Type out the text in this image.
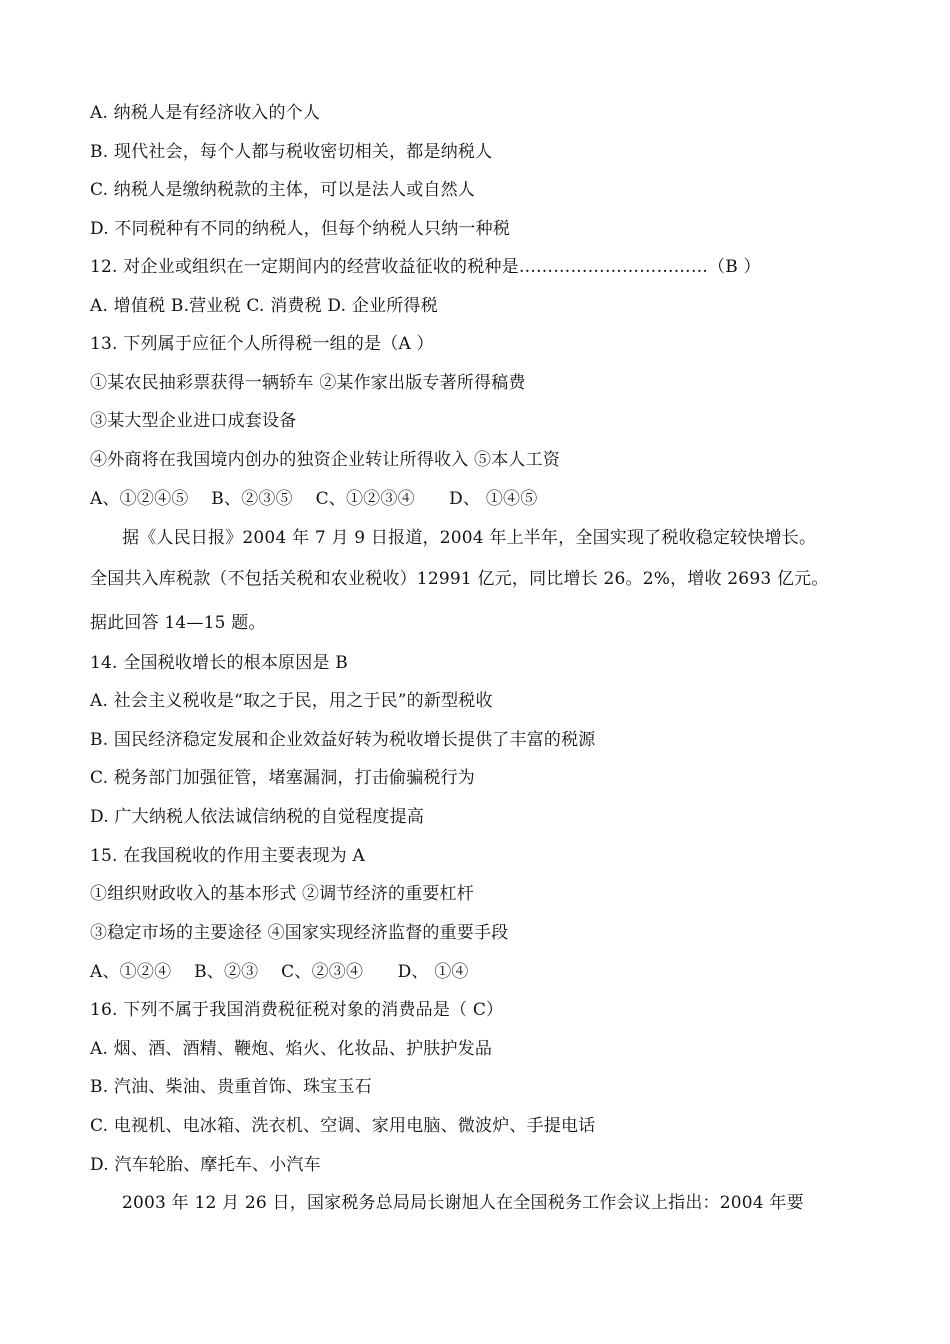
A. 纳税人是有经济收入的个人
B. 现代社会，每个人都与税收密切相关，都是纳税人
C. 纳税人是缴纳税款的主体，可以是法人或自然人
D. 不同税种有不同的纳税人，但每个纳税人只纳一种税
12. 对企业或组织在一定期间内的经营收益征收的税种是……………………………（B ）
A. 增值税 B.营业税 C. 消费税 D. 企业所得税
13. 下列属于应征个人所得税一组的是（A ）
①某农民抽彩票获得一辆轿车 ②某作家出版专著所得稿费
③某大型企业进口成套设备
④外商将在我国境内创办的独资企业转让所得收入 ⑤本人工资
A、①②④⑤　 B、②③⑤　 C、①②③④　　D、 ①④⑤
据《人民日报》2004 年 7 月 9 日报道，2004 年上半年，全国实现了税收稳定较快增长。
全国共入库税款（不包括关税和农业税收）12991 亿元，同比增长 26。2%，增收 2693 亿元。
据此回答 14—15 题。
14. 全国税收增长的根本原因是 B
A. 社会主义税收是“取之于民，用之于民”的新型税收
B. 国民经济稳定发展和企业效益好转为税收增长提供了丰富的税源
C. 税务部门加强征管，堵塞漏洞，打击偷骗税行为
D. 广大纳税人依法诚信纳税的自觉程度提高
15. 在我国税收的作用主要表现为 A
①组织财政收入的基本形式 ②调节经济的重要杠杆
③稳定市场的主要途径 ④国家实现经济监督的重要手段
A、①②④　 B、②③　 C、②③④　　D、 ①④
16. 下列不属于我国消费税征税对象的消费品是（ C）
A. 烟、酒、酒精、鞭炮、焰火、化妆品、护肤护发品
B. 汽油、柴油、贵重首饰、珠宝玉石
C. 电视机、电冰箱、洗衣机、空调、家用电脑、微波炉、手提电话
D. 汽车轮胎、摩托车、小汽车
2003 年 12 月 26 日，国家税务总局局长谢旭人在全国税务工作会议上指出：2004 年要
